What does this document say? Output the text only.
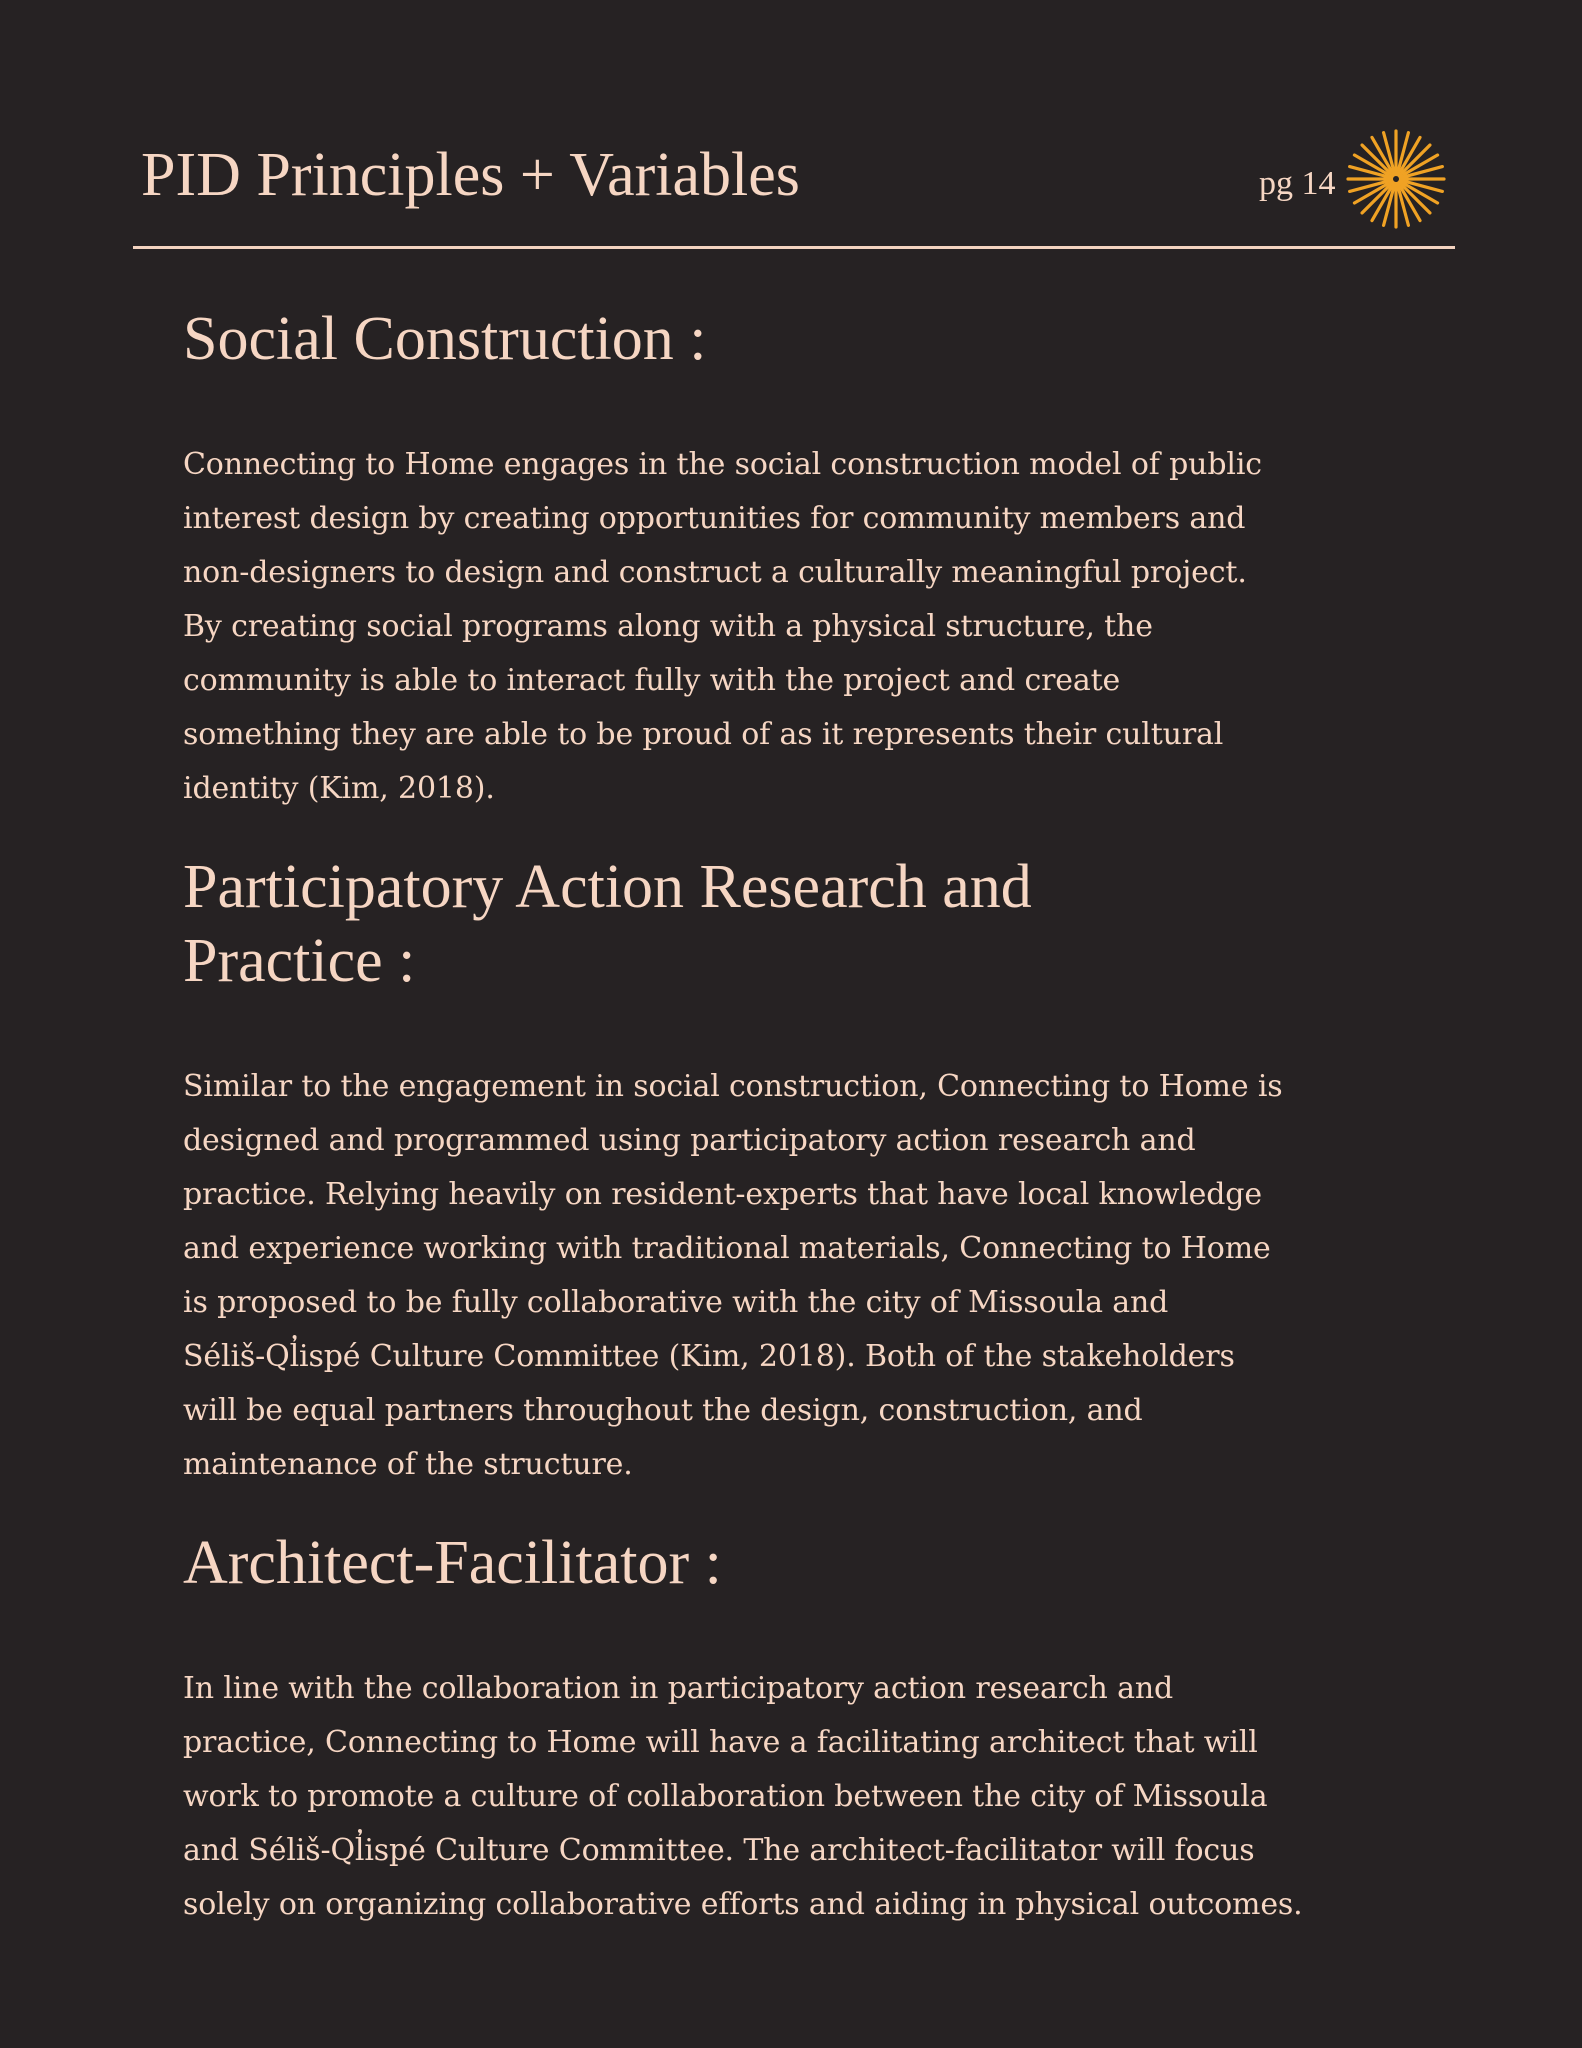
PID Principles + Variables	pg 14
Social Construction :

Connecting to Home engages in the social construction model of public
interest design by creating opportunities for community members and
non-designers to design and construct a culturally meaningful project.
By creating social programs along with a physical structure, the
community is able to interact fully with the project and create
something they are able to be proud of as it represents their cultural
identity (Kim, 2018).

Participatory Action Research and
Practice :

Similar to the engagement in social construction, Connecting to Home is
designed and programmed using participatory action research and
practice. Relying heavily on resident-experts that have local knowledge
and experience working with traditional materials, Connecting to Home
is proposed to be fully collaborative with the city of Missoula and
Séliš-Ql̓ispé Culture Committee (Kim, 2018). Both of the stakeholders
will be equal partners throughout the design, construction, and
maintenance of the structure.

Architect-Facilitator :

In line with the collaboration in participatory action research and
practice, Connecting to Home will have a facilitating architect that will
work to promote a culture of collaboration between the city of Missoula
and Séliš-Ql̓ispé Culture Committee. The architect-facilitator will focus
solely on organizing collaborative efforts and aiding in physical outcomes.
